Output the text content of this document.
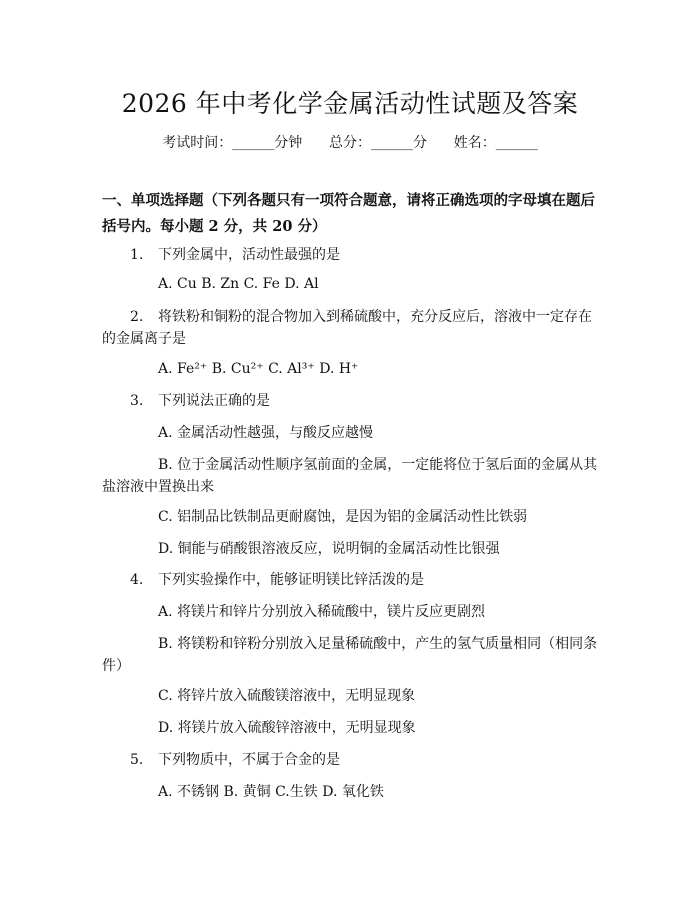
2026 年中考化学金属活动性试题及答案
考试时间：______分钟      总分：______分      姓名：______
一、单项选择题（下列各题只有一项符合题意，请将正确选项的字母填在题后括号内。每小题 2 分，共 20 分）
1. 下列金属中，活动性最强的是
A. Cu B. Zn C. Fe D. Al
2. 将铁粉和铜粉的混合物加入到稀硫酸中，充分反应后，溶液中一定存在的金属离子是
A. Fe²⁺ B. Cu²⁺ C. Al³⁺ D. H⁺
3. 下列说法正确的是
A. 金属活动性越强，与酸反应越慢
B. 位于金属活动性顺序氢前面的金属，一定能将位于氢后面的金属从其盐溶液中置换出来
C. 铝制品比铁制品更耐腐蚀，是因为铝的金属活动性比铁弱
D. 铜能与硝酸银溶液反应，说明铜的金属活动性比银强
4. 下列实验操作中，能够证明镁比锌活泼的是
A. 将镁片和锌片分别放入稀硫酸中，镁片反应更剧烈
B. 将镁粉和锌粉分别放入足量稀硫酸中，产生的氢气质量相同（相同条件）
C. 将锌片放入硫酸镁溶液中，无明显现象
D. 将镁片放入硫酸锌溶液中，无明显现象
5. 下列物质中，不属于合金的是
A. 不锈钢 B. 黄铜 C.生铁 D. 氧化铁
